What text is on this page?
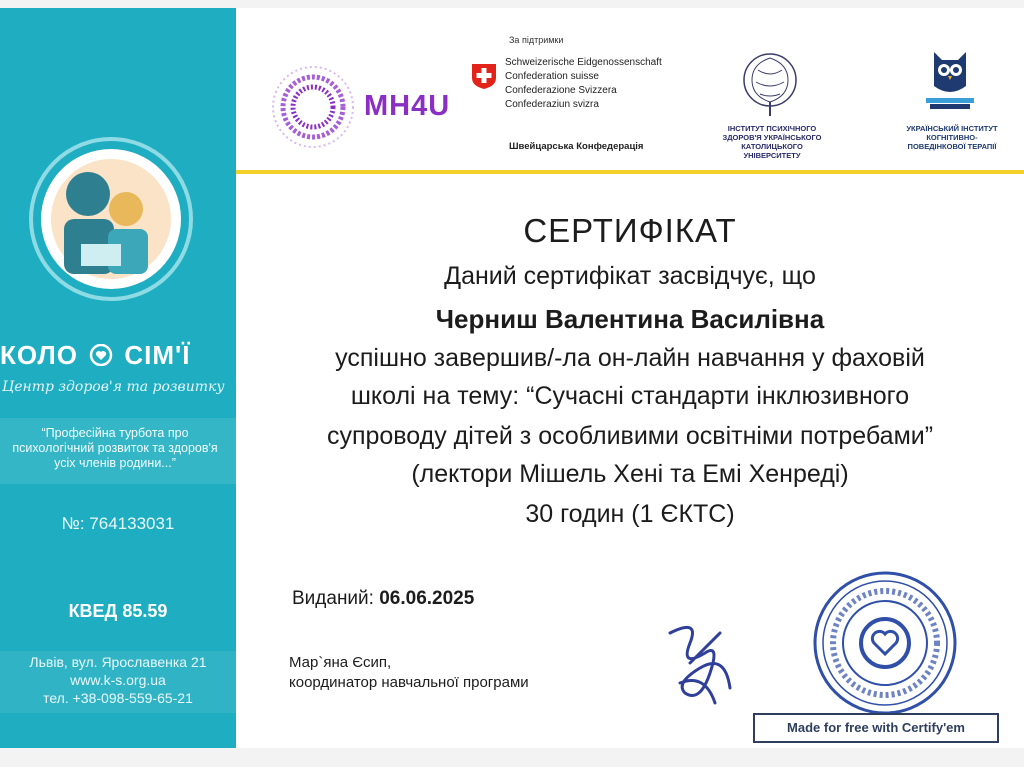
КОЛО СІМ'Ї
Центр здоров'я та розвитку
“Професійна турбота про
психологічний розвиток та здоров'я
усіх членів родини...”
№: 764133031
КВЕД 85.59
Львів, вул. Ярославенка 21
www.k-s.org.ua
тел. +38-098-559-65-21
MH4U
За підтримки
Schweizerische Eidgenossenschaft
Confederation suisse
Confederazione Svizzera
Confederaziun svizra
Швейцарська Конфедерація
ІНСТИТУТ ПСИХІЧНОГО
ЗДОРОВ'Я УКРАЇНСЬКОГО
КАТОЛИЦЬКОГО
УНІВЕРСИТЕТУ
УКРАЇНСЬКИЙ ІНСТИТУТ
КОГНІТИВНО-
ПОВЕДІНКОВОЇ ТЕРАПІЇ
СЕРТИФІКАТ
Даний сертифікат засвідчує, що
Черниш Валентина Василівна
успішно завершив/-ла он-лайн навчання у фаховій
школі на тему: “Сучасні стандарти інклюзивного
супроводу дітей з особливими освітніми потребами”
(лектори Мішель Хені та Емі Хенреді)
30 годин (1 ЄКТС)
Виданий: 06.06.2025
Мар`яна Єсип,
координатор навчальної програми
Made for free with Certify'em
